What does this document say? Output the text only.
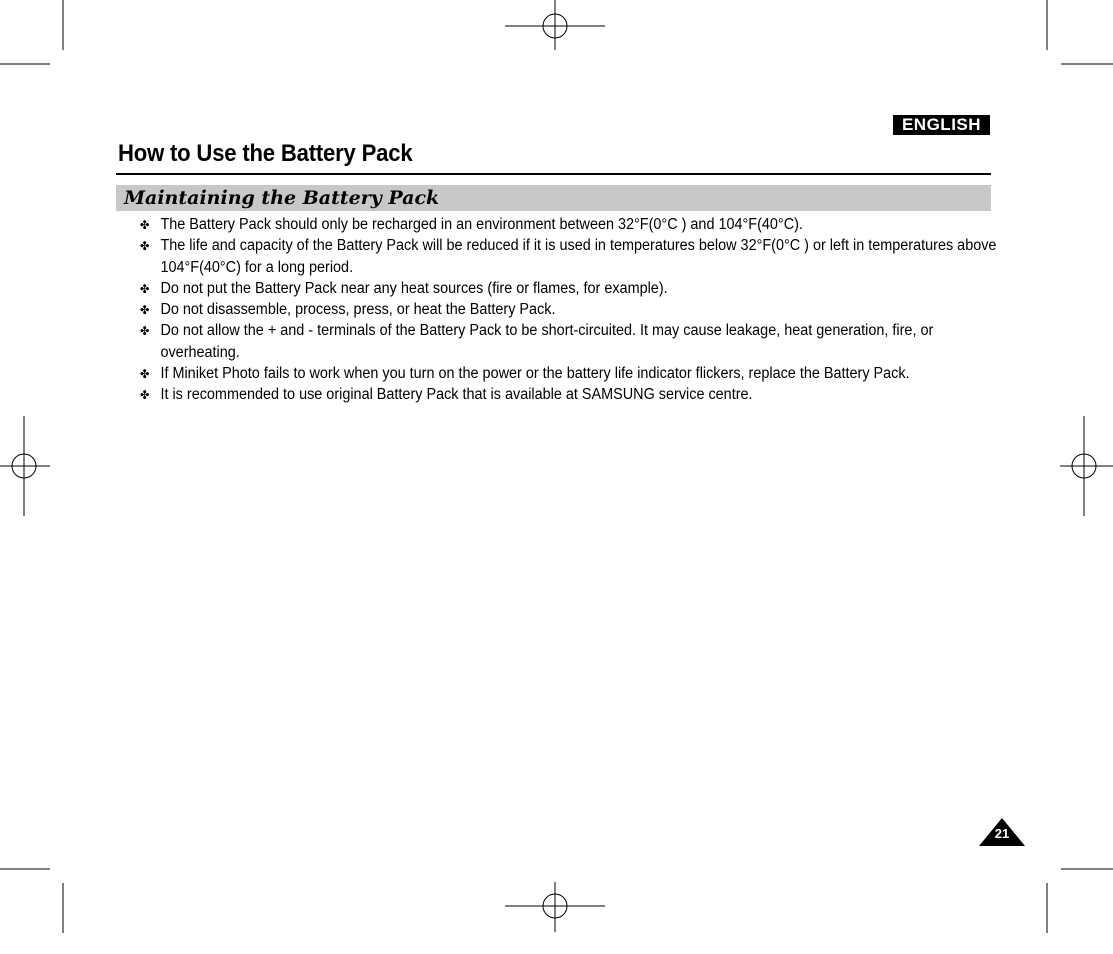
ENGLISH
How to Use the Battery Pack
Maintaining the Battery Pack
✤ The Battery Pack should only be recharged in an environment between 32°F(0°C ) and 104°F(40°C).
✤ The life and capacity of the Battery Pack will be reduced if it is used in temperatures below 32°F(0°C ) or left in temperatures above 104°F(40°C) for a long period.
✤ Do not put the Battery Pack near any heat sources (fire or flames, for example).
✤ Do not disassemble, process, press, or heat the Battery Pack.
✤ Do not allow the + and - terminals of the Battery Pack to be short-circuited. It may cause leakage, heat generation, fire, or overheating.
✤ If Miniket Photo fails to work when you turn on the power or the battery life indicator flickers, replace the Battery Pack.
✤ It is recommended to use original Battery Pack that is available at SAMSUNG service centre.
21
